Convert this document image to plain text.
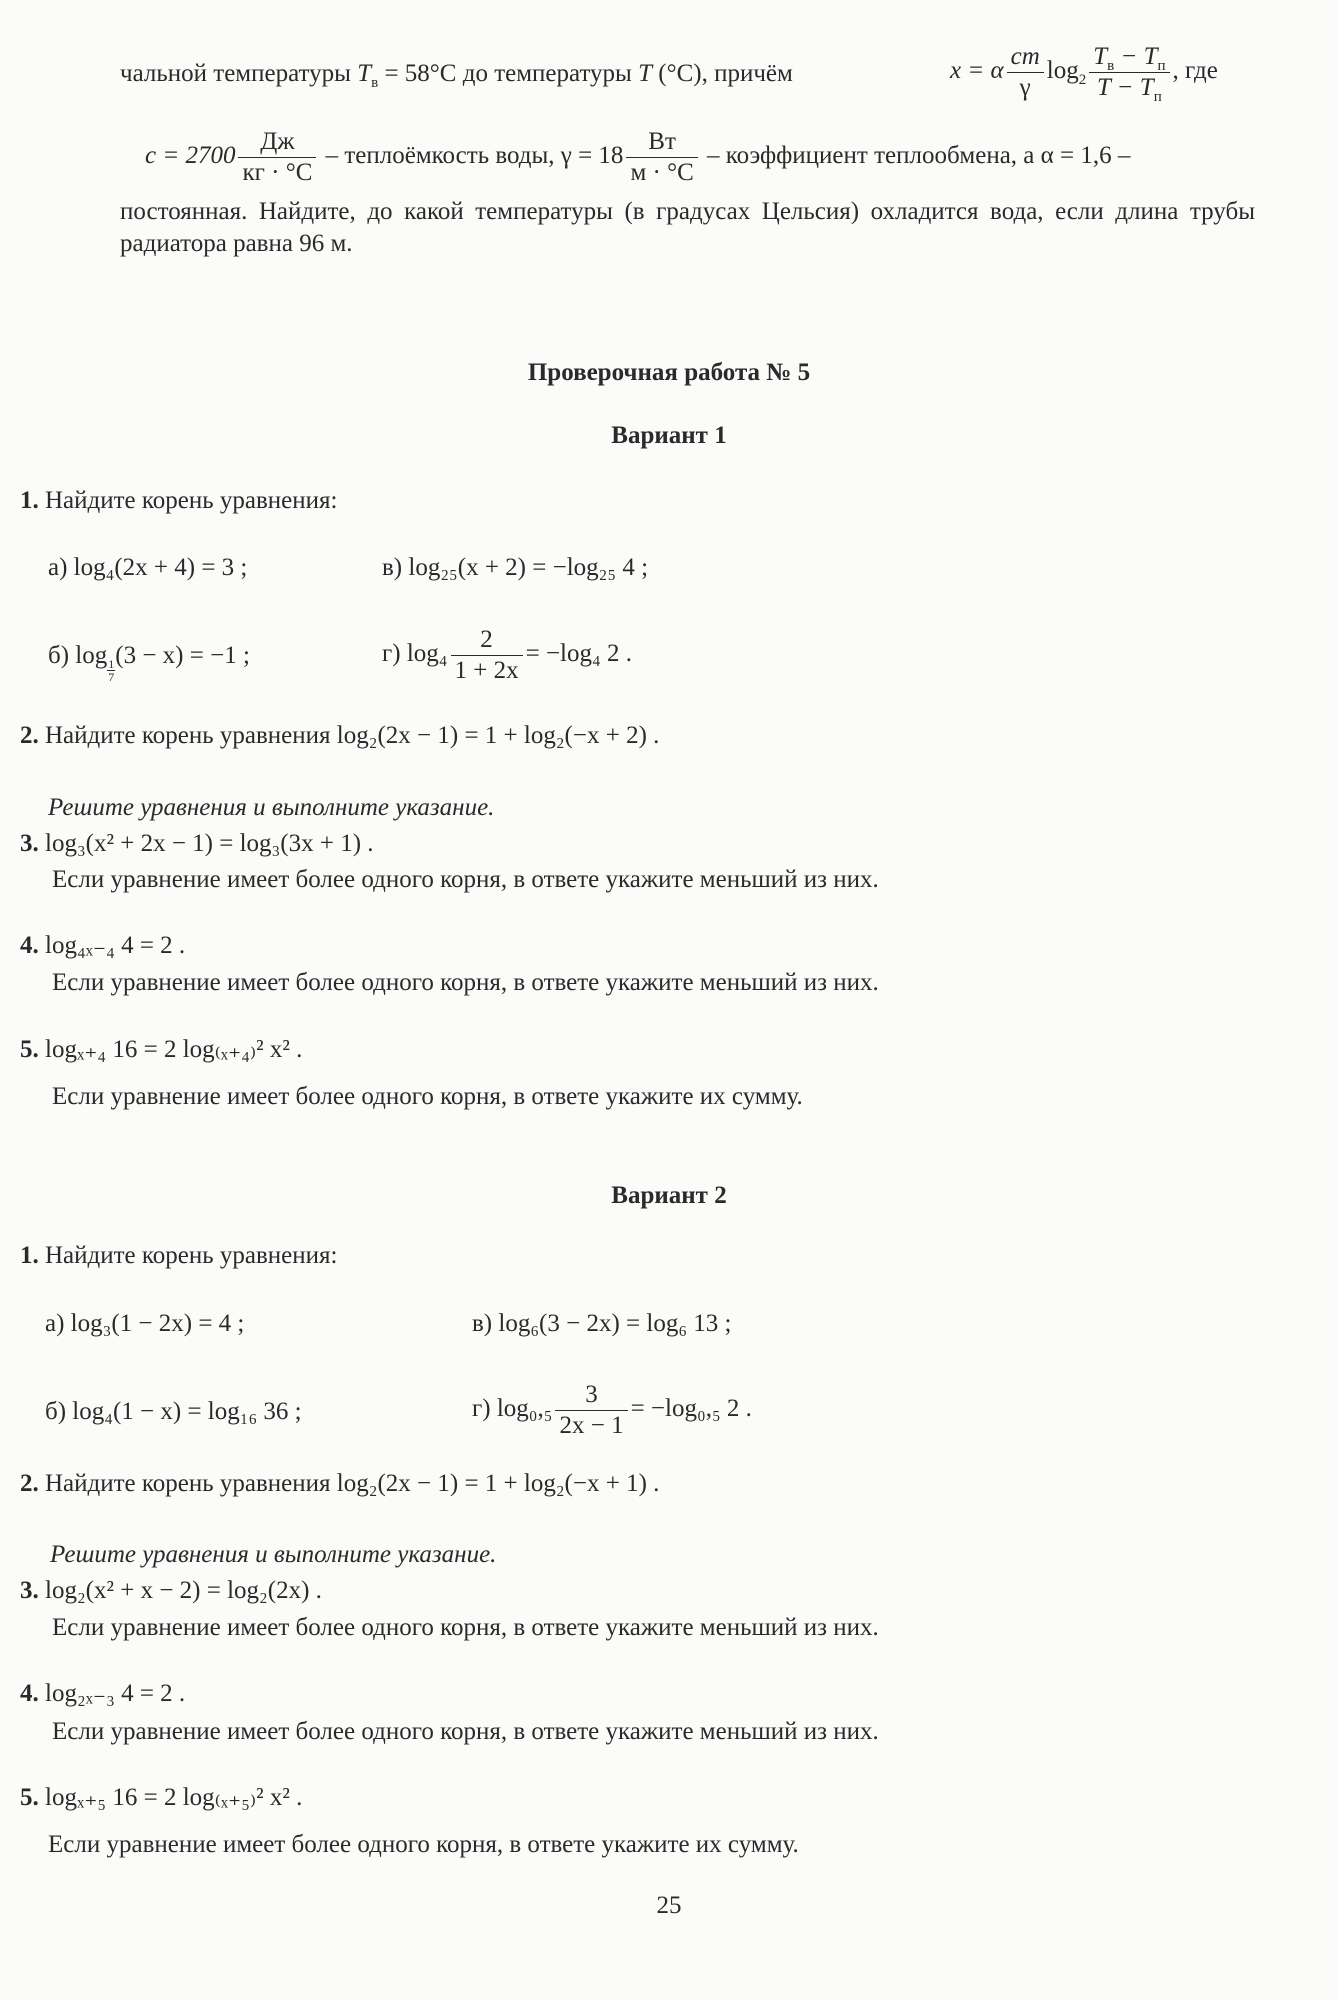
чальной температуры $T_в = 58^\circ C$ до температуры T (°C), причём	x = α $\frac{cm}{\gamma} \log_2 \frac{T_в - T_п}{T - T_п}$ , где
$c = 2700 \frac{Дж}{кг \cdot ^\circ C}$ – теплоёмкость воды, $\gamma = 18 \frac{Вт}{м \cdot ^\circ C}$ – коэффициент теплообмена, а α = 1,6 –
постоянная. Найдите, до какой температуры (в градусах Цельсия) охладится вода, если длина трубы радиатора равна 96 м.
Проверочная работа № 5
Вариант 1
1. Найдите корень уравнения:
а) log₄(2x + 4) = 3 ;	в) log₂₅(x + 2) = −log₂₅ 4 ;
б) log
$\frac{1}{7}$
(3 − x) = −1 ;	г) $\log_4 \frac{2}{1 + 2x} = -\log_4$ 2 .
2. Найдите корень уравнения log₂(2x − 1) = 1 + log₂(−x + 2) .
Решите уравнения и выполните указание.
3. log₃(x² + 2x − 1) = log₃(3x + 1) .
Если уравнение имеет более одного корня, в ответе укажите меньший из них.
4. log₄ₓ₋₄ 4 = 2 .
Если уравнение имеет более одного корня, в ответе укажите меньший из них.
5. logₓ₊₄ 16 = 2 log₍ₓ₊₄₎² x² .
Если уравнение имеет более одного корня, в ответе укажите их сумму.
Вариант 2
1. Найдите корень уравнения:
а) log₃(1 − 2x) = 4 ;	в) log₆(3 − 2x) = log₆ 13 ;
б) log₄(1 − x) = log₁₆ 36 ;	г) $\log_0,_5 \frac{3}{2x - 1} = -\log_0,_5$ 2 .
2. Найдите корень уравнения log₂(2x − 1) = 1 + log₂(−x + 1) .
Решите уравнения и выполните указание.
3. log₂(x² + x − 2) = log₂(2x) .
Если уравнение имеет более одного корня, в ответе укажите меньший из них.
4. log₂ₓ₋₃ 4 = 2 .
Если уравнение имеет более одного корня, в ответе укажите меньший из них.
5. logₓ₊₅ 16 = 2 log₍ₓ₊₅₎² x² .
Если уравнение имеет более одного корня, в ответе укажите их сумму.
25
